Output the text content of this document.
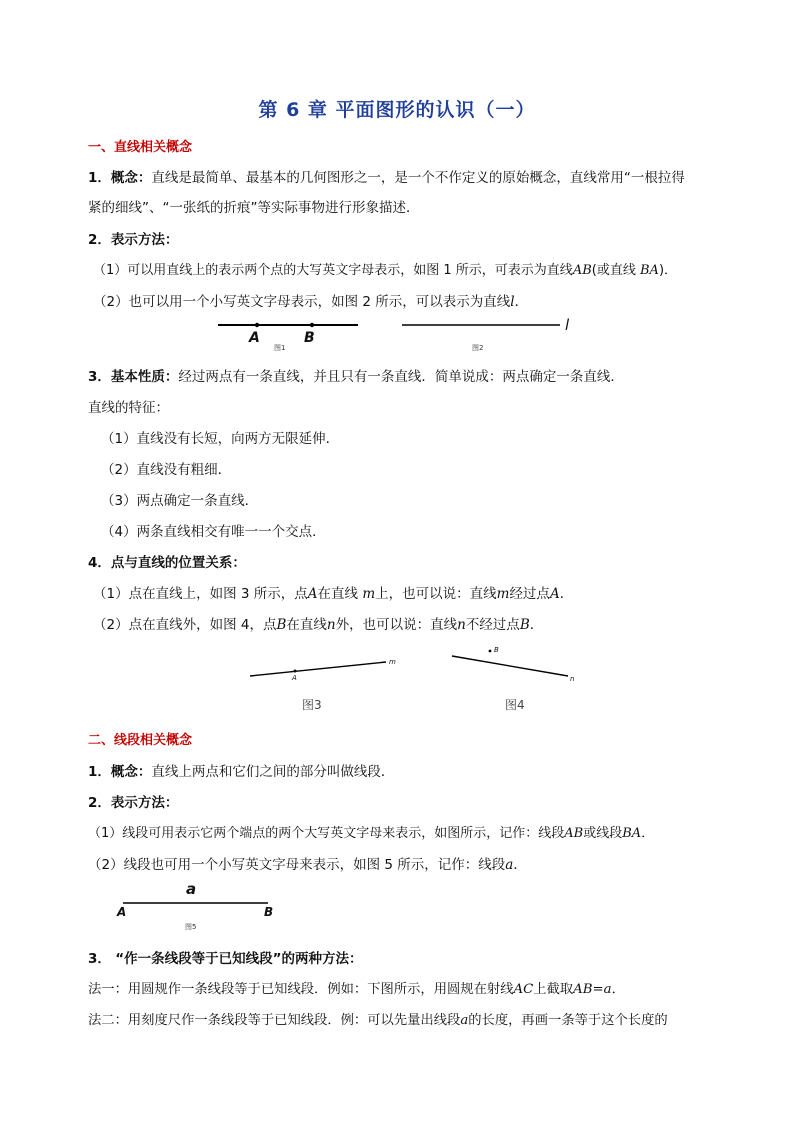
第 6 章 平面图形的认识（一）
一、直线相关概念
1．概念：直线是最简单、最基本的几何图形之一，是一个不作定义的原始概念，直线常用“一根拉得
紧的细线”、“一张纸的折痕”等实际事物进行形象描述．
2．表示方法：
（1）可以用直线上的表示两个点的大写英文字母表示，如图 1 所示，可表示为直线AB(或直线 BA)．
（2）也可以用一个小写英文字母表示，如图 2 所示，可以表示为直线l．
A	B
图1
l
图2
3．基本性质：经过两点有一条直线，并且只有一条直线．简单说成：两点确定一条直线．
直线的特征：
（1）直线没有长短，向两方无限延伸．
（2）直线没有粗细．
（3）两点确定一条直线．
（4）两条直线相交有唯一一个交点．
4．点与直线的位置关系：
（1）点在直线上，如图 3 所示，点A在直线 m上，也可以说：直线m经过点A．
（2）点在直线外，如图 4，点B在直线n外，也可以说：直线n不经过点B．
A
m
图3
B
n
图4
二、线段相关概念
1．概念：直线上两点和它们之间的部分叫做线段．
2．表示方法：
（1）线段可用表示它两个端点的两个大写英文字母来表示，如图所示，记作：线段AB或线段BA．
（2）线段也可用一个小写英文字母来表示，如图 5 所示，记作：线段a．
a
A	B
图5
3． “作一条线段等于已知线段”的两种方法：
法一：用圆规作一条线段等于已知线段．例如：下图所示，用圆规在射线AC上截取AB=a．
法二：用刻度尺作一条线段等于已知线段．例：可以先量出线段a的长度，再画一条等于这个长度的
